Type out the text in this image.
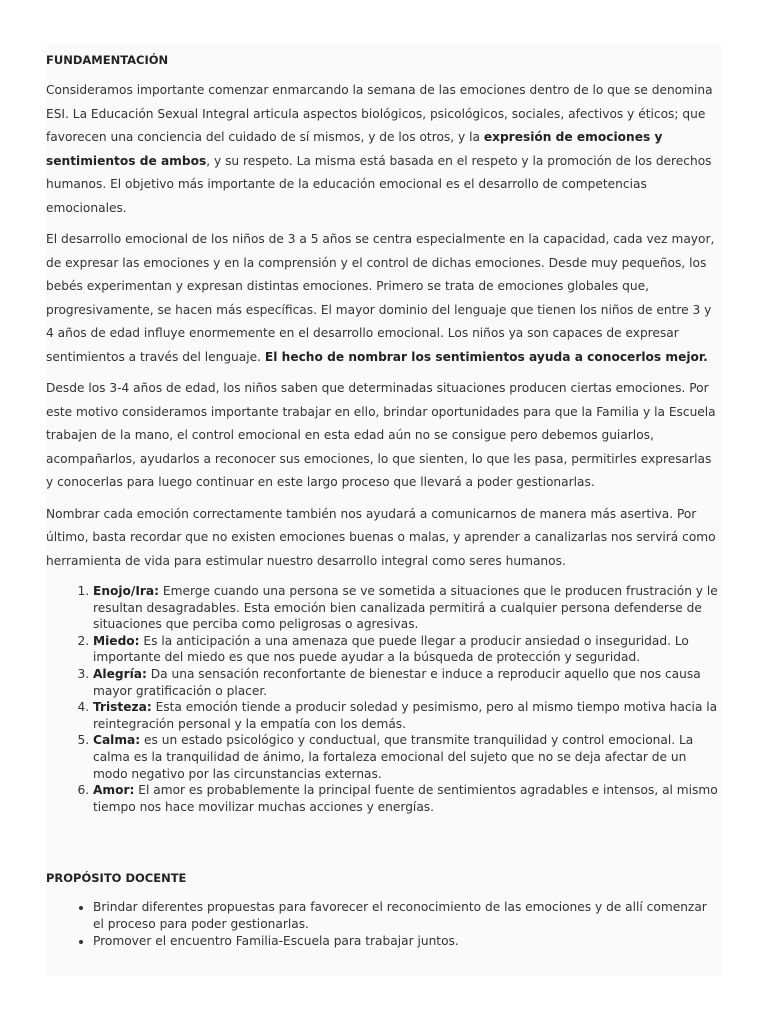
FUNDAMENTACIÓN

Consideramos importante comenzar enmarcando la semana de las emociones dentro de lo que se denomina ESI. La Educación Sexual Integral articula aspectos biológicos, psicológicos, sociales, afectivos y éticos; que favorecen una conciencia del cuidado de sí mismos, y de los otros, y la expresión de emociones y sentimientos de ambos, y su respeto. La misma está basada en el respeto y la promoción de los derechos humanos. El objetivo más importante de la educación emocional es el desarrollo de competencias emocionales.

El desarrollo emocional de los niños de 3 a 5 años se centra especialmente en la capacidad, cada vez mayor, de expresar las emociones y en la comprensión y el control de dichas emociones. Desde muy pequeños, los bebés experimentan y expresan distintas emociones. Primero se trata de emociones globales que, progresivamente, se hacen más específicas. El mayor dominio del lenguaje que tienen los niños de entre 3 y 4 años de edad influye enormemente en el desarrollo emocional. Los niños ya son capaces de expresar sentimientos a través del lenguaje. El hecho de nombrar los sentimientos ayuda a conocerlos mejor.

Desde los 3-4 años de edad, los niños saben que determinadas situaciones producen ciertas emociones. Por este motivo consideramos importante trabajar en ello, brindar oportunidades para que la Familia y la Escuela trabajen de la mano, el control emocional en esta edad aún no se consigue pero debemos guiarlos, acompañarlos, ayudarlos a reconocer sus emociones, lo que sienten, lo que les pasa, permitirles expresarlas y conocerlas para luego continuar en este largo proceso que llevará a poder gestionarlas.

Nombrar cada emoción correctamente también nos ayudará a comunicarnos de manera más asertiva. Por último, basta recordar que no existen emociones buenas o malas, y aprender a canalizarlas nos servirá como herramienta de vida para estimular nuestro desarrollo integral como seres humanos.

1. Enojo/Ira: Emerge cuando una persona se ve sometida a situaciones que le producen frustración y le resultan desagradables. Esta emoción bien canalizada permitirá a cualquier persona defenderse de situaciones que perciba como peligrosas o agresivas.
2. Miedo: Es la anticipación a una amenaza que puede llegar a producir ansiedad o inseguridad. Lo importante del miedo es que nos puede ayudar a la búsqueda de protección y seguridad.
3. Alegría: Da una sensación reconfortante de bienestar e induce a reproducir aquello que nos causa mayor gratificación o placer.
4. Tristeza: Esta emoción tiende a producir soledad y pesimismo, pero al mismo tiempo motiva hacia la reintegración personal y la empatía con los demás.
5. Calma: es un estado psicológico y conductual, que transmite tranquilidad y control emocional. La calma es la tranquilidad de ánimo, la fortaleza emocional del sujeto que no se deja afectar de un modo negativo por las circunstancias externas.
6. Amor: El amor es probablemente la principal fuente de sentimientos agradables e intensos, al mismo tiempo nos hace movilizar muchas acciones y energías.
PROPÓSITO DOCENTE
• Brindar diferentes propuestas para favorecer el reconocimiento de las emociones y de allí comenzar el proceso para poder gestionarlas.
• Promover el encuentro Familia-Escuela para trabajar juntos.
